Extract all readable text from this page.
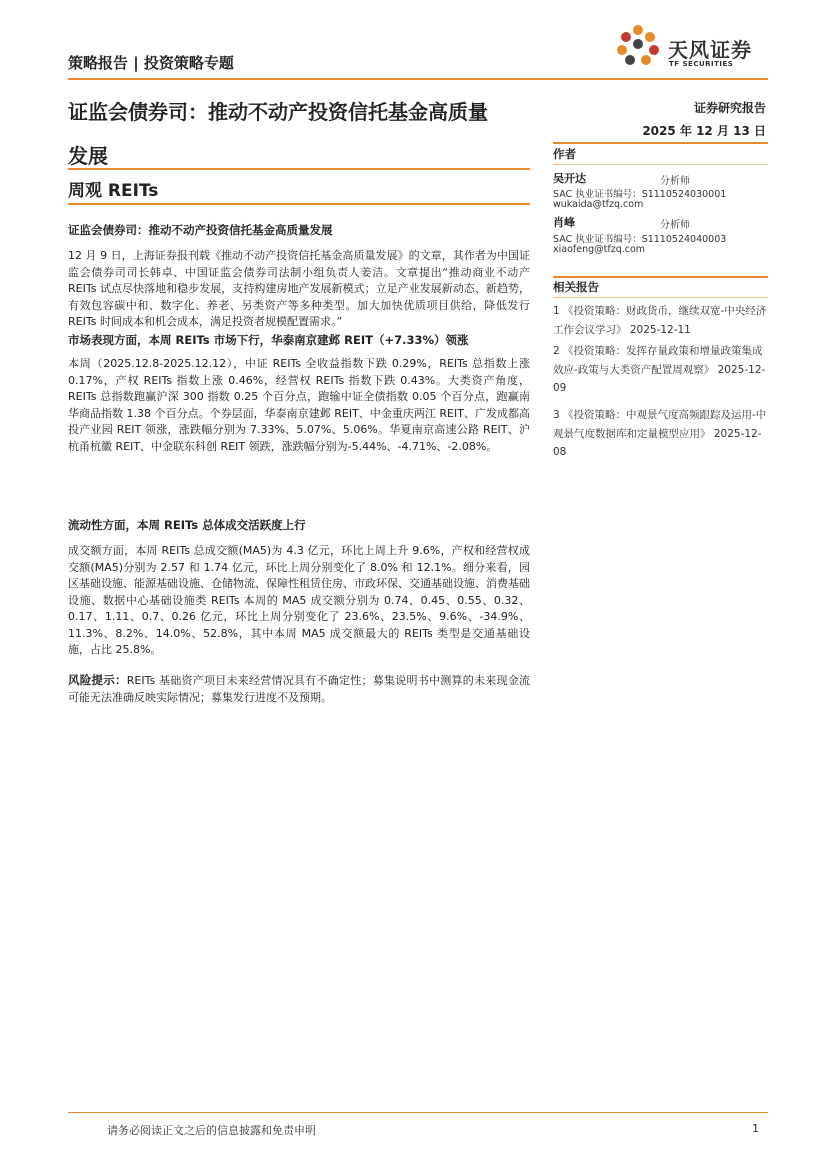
策略报告 | 投资策略专题
天风证券
TF SECURITIES
证监会债券司：推动不动产投资信托基金高质量
发展
证券研究报告
2025 年 12 月 13 日
周观 REITs
作者
吴开达	分析师
SAC 执业证书编号：S1110524030001
wukaida@tfzq.com
肖峰	分析师
SAC 执业证书编号：S1110524040003
xiaofeng@tfzq.com
相关报告
1 《投资策略：财政货币，继续双宽-中央经济工作会议学习》 2025-12-11
2 《投资策略：发挥存量政策和增量政策集成效应-政策与大类资产配置周观察》 2025-12-09
3 《投资策略：中观景气度高频跟踪及运用-中观景气度数据库和定量模型应用》 2025-12-08
证监会债券司：推动不动产投资信托基金高质量发展
12 月 9 日，上海证券报刊载《推动不动产投资信托基金高质量发展》的文章，其作者为中国证监会债券司司长韩卓、中国证监会债券司法制小组负责人姜洁。文章提出“推动商业不动产 REITs 试点尽快落地和稳步发展，支持构建房地产发展新模式；立足产业发展新动态、新趋势，有效包容碳中和、数字化、养老、另类资产等多种类型。加大加快优质项目供给，降低发行 REITs 时间成本和机会成本，满足投资者规模配置需求。”
市场表现方面，本周 REITs 市场下行，华泰南京建邺 REIT（+7.33%）领涨
本周（2025.12.8-2025.12.12），中证 REITs 全收益指数下跌 0.29%，REITs 总指数上涨 0.17%，产权 REITs 指数上涨 0.46%，经营权 REITs 指数下跌 0.43%。大类资产角度，REITs 总指数跑赢沪深 300 指数 0.25 个百分点，跑输中证全债指数 0.05 个百分点，跑赢南华商品指数 1.38 个百分点。个券层面，华泰南京建邺 REIT、中金重庆两江 REIT、广发成都高投产业园 REIT 领涨，涨跌幅分别为 7.33%、5.07%、5.06%。华夏南京高速公路 REIT、沪杭甬杭徽 REIT、中金联东科创 REIT 领跌，涨跌幅分别为-5.44%、-4.71%、-2.08%。
流动性方面，本周 REITs 总体成交活跃度上行
成交额方面，本周 REITs 总成交额(MA5)为 4.3 亿元，环比上周上升 9.6%，产权和经营权成交额(MA5)分别为 2.57 和 1.74 亿元，环比上周分别变化了 8.0% 和 12.1%。细分来看，园区基础设施、能源基础设施、仓储物流、保障性租赁住房、市政环保、交通基础设施、消费基础设施、数据中心基础设施类 REITs 本周的 MA5 成交额分别为 0.74、0.45、0.55、0.32、0.17、1.11、0.7、0.26 亿元，环比上周分别变化了 23.6%、23.5%、9.6%、-34.9%、11.3%、8.2%、14.0%、52.8%，其中本周 MA5 成交额最大的 REITs 类型是交通基础设施，占比 25.8%。
风险提示：REITs 基础资产项目未来经营情况具有不确定性；募集说明书中测算的未来现金流可能无法准确反映实际情况；募集发行进度不及预期。
请务必阅读正文之后的信息披露和免责申明	1
